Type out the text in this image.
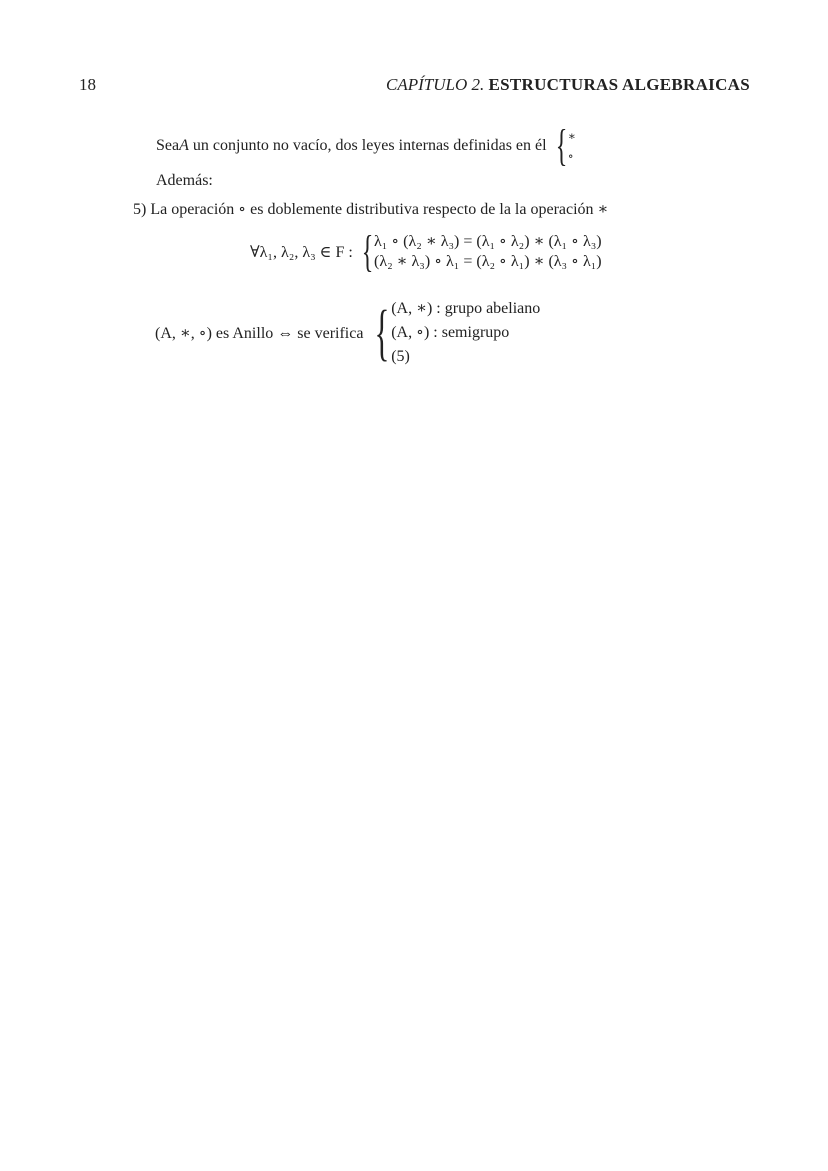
18	CAPÍTULO 2. ESTRUCTURAS ALGEBRAICAS
Sea A
un conjunto no vacío, dos leyes internas definidas en él
{ ∗
∘
Además:
5) La operación ∘ es doblemente distributiva respecto de la la operación ∗
∀λ₁, λ₂, λ₃ ∈ F :
{ λ₁ ∘ (λ₂ ∗ λ₃) = (λ₁ ∘ λ₂) ∗ (λ₁ ∘ λ₃)
(λ₂ ∗ λ₃) ∘ λ₁ = (λ₂ ∘ λ₁) ∗ (λ₃ ∘ λ₁)
(A, ∗, ∘) es Anillo ⇔ se verifica
{ (A, ∗) : grupo abeliano
(A, ∘) : semigrupo
(5)
